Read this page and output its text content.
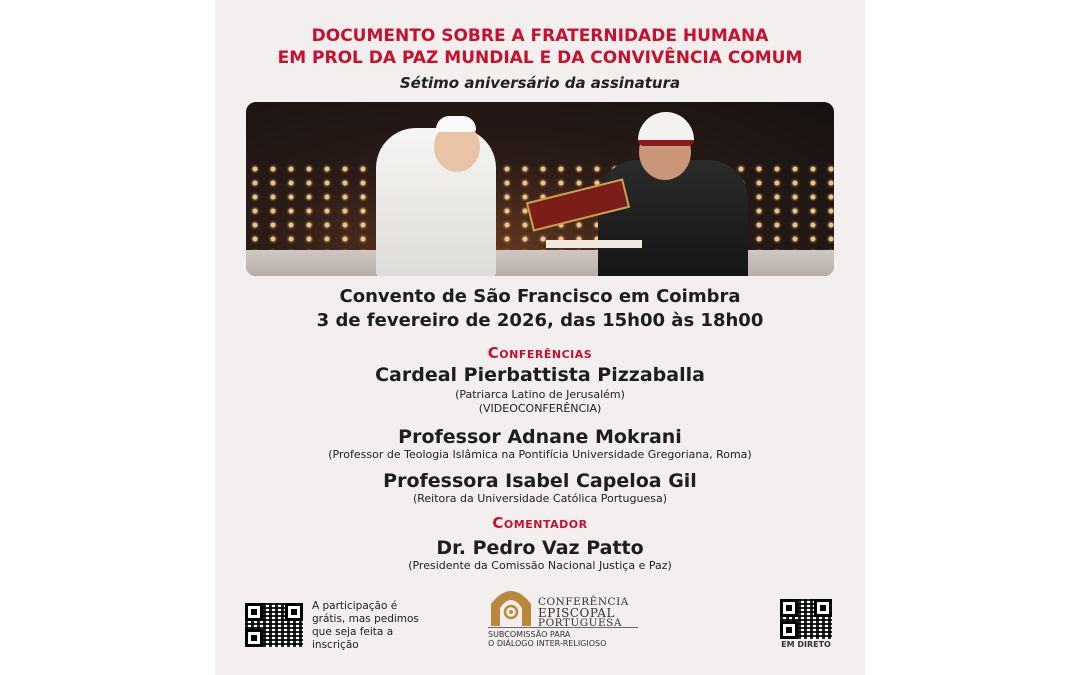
DOCUMENTO SOBRE A FRATERNIDADE HUMANA
EM PROL DA PAZ MUNDIAL E DA CONVIVÊNCIA COMUM
Sétimo aniversário da assinatura
Convento de São Francisco em Coimbra
3 de fevereiro de 2026, das 15h00 às 18h00
Conferências
Cardeal Pierbattista Pizzaballa
(Patriarca Latino de Jerusalém)
(VIDEOCONFERÊNCIA)
Professor Adnane Mokrani
(Professor de Teologia Islâmica na Pontifícia Universidade Gregoriana, Roma)
Professora Isabel Capeloa Gil
(Reitora da Universidade Católica Portuguesa)
Comentador
Dr. Pedro Vaz Patto
(Presidente da Comissão Nacional Justiça e Paz)
A participação é grátis, mas pedimos que seja feita a inscrição
CONFERÊNCIA
EPISCOPAL
PORTUGUESA
SUBCOMISSÃO PARA
O DIÁLOGO INTER-RELIGIOSO	EM DIRETO
